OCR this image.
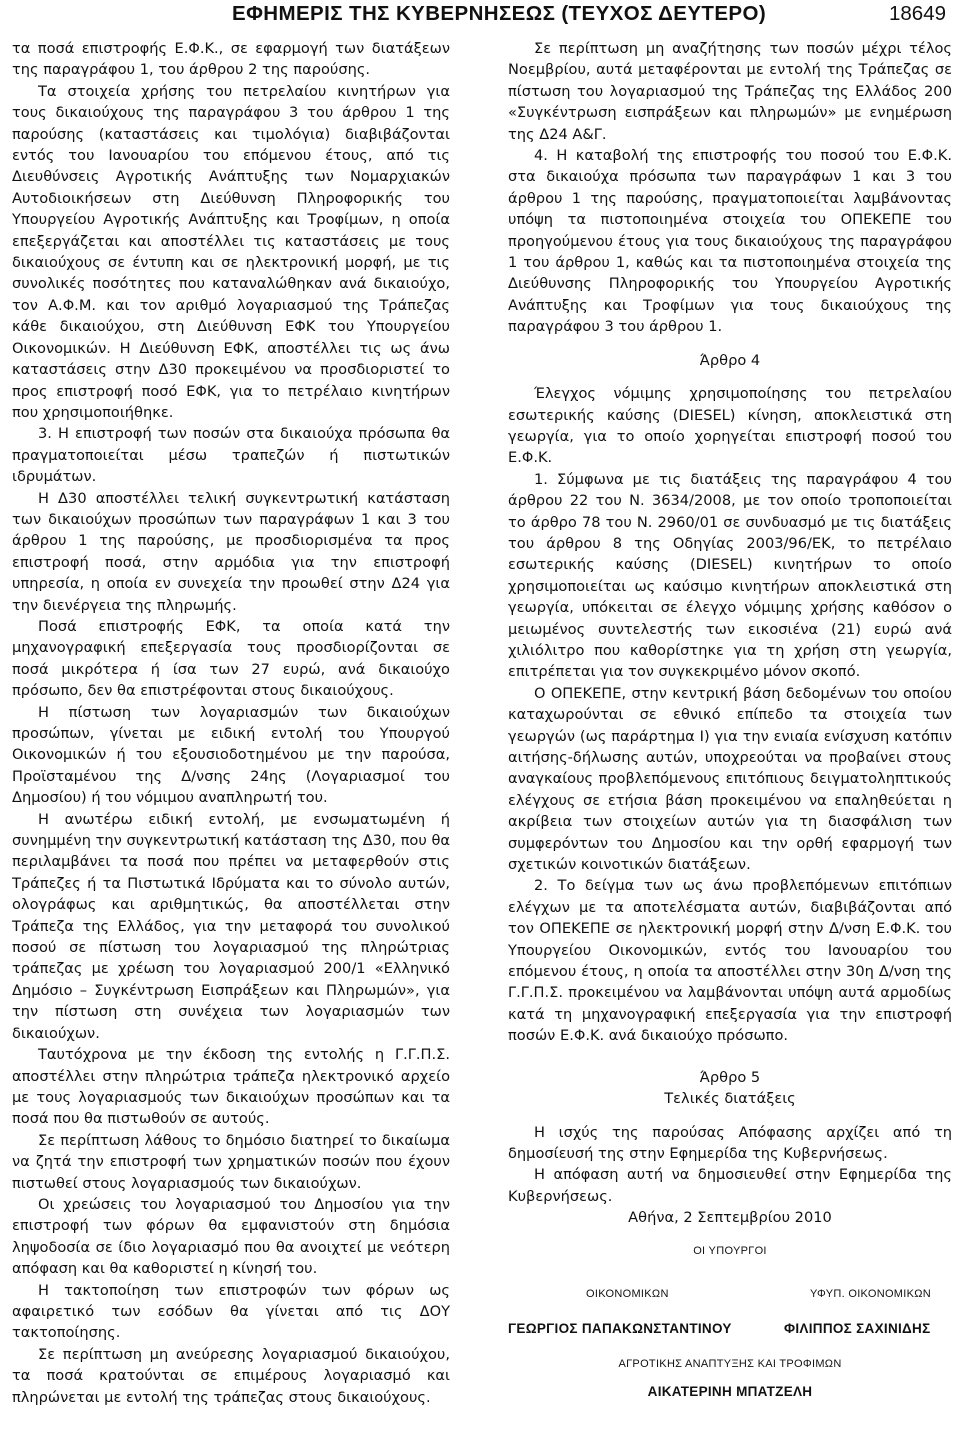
ΕΦΗΜΕΡΙΣ ΤΗΣ ΚΥΒΕΡΝΗΣΕΩΣ (ΤΕΥΧΟΣ ΔΕΥΤΕΡΟ)	18649

τα ποσά επιστροφής Ε.Φ.Κ., σε εφαρμογή των διατάξεων της παραγράφου 1, του άρθρου 2 της παρούσης.

Τα στοιχεία χρήσης του πετρελαίου κινητήρων για τους δικαιούχους της παραγράφου 3 του άρθρου 1 της παρούσης (καταστάσεις και τιμολόγια) διαβιβάζονται εντός του Ιανουαρίου του επόμενου έτους, από τις Διευθύνσεις Αγροτικής Ανάπτυξης των Νομαρχιακών Αυτοδιοικήσεων στη Διεύθυνση Πληροφορικής του Υπουργείου Αγροτικής Ανάπτυξης και Τροφίμων, η οποία επεξεργάζεται και αποστέλλει τις καταστάσεις με τους δικαιούχους σε έντυπη και σε ηλεκτρονική μορφή, με τις συνολικές ποσότητες που καταναλώθηκαν ανά δικαιούχο, τον Α.Φ.Μ. και τον αριθμό λογαριασμού της Τράπεζας κάθε δικαιούχου, στη Διεύθυνση ΕΦΚ του Υπουργείου Οικονομικών. Η Διεύθυνση ΕΦΚ, αποστέλλει τις ως άνω καταστάσεις στην Δ30 προκειμένου να προσδιοριστεί το προς επιστροφή ποσό ΕΦΚ, για το πετρέλαιο κινητήρων που χρησιμοποιήθηκε.

3. Η επιστροφή των ποσών στα δικαιούχα πρόσωπα θα πραγματοποιείται μέσω τραπεζών ή πιστωτικών ιδρυμάτων.

Η Δ30 αποστέλλει τελική συγκεντρωτική κατάσταση των δικαιούχων προσώπων των παραγράφων 1 και 3 του άρθρου 1 της παρούσης, με προσδιορισμένα τα προς επιστροφή ποσά, στην αρμόδια για την επιστροφή υπηρεσία, η οποία εν συνεχεία την προωθεί στην Δ24 για την διενέργεια της πληρωμής.

Ποσά επιστροφής ΕΦΚ, τα οποία κατά την μηχανογραφική επεξεργασία τους προσδιορίζονται σε ποσά μικρότερα ή ίσα των 27 ευρώ, ανά δικαιούχο πρόσωπο, δεν θα επιστρέφονται στους δικαιούχους.

Η πίστωση των λογαριασμών των δικαιούχων προσώπων, γίνεται με ειδική εντολή του Υπουργού Οικονομικών ή του εξουσιοδοτημένου με την παρούσα, Προϊσταμένου της Δ/νσης 24ης (Λογαριασμοί του Δημοσίου) ή του νόμιμου αναπληρωτή του.

Η ανωτέρω ειδική εντολή, με ενσωματωμένη ή συνημμένη την συγκεντρωτική κατάσταση της Δ30, που θα περιλαμβάνει τα ποσά που πρέπει να μεταφερθούν στις Τράπεζες ή τα Πιστωτικά Ιδρύματα και το σύνολο αυτών, ολογράφως και αριθμητικώς, θα αποστέλλεται στην Τράπεζα της Ελλάδος, για την μεταφορά του συνολικού ποσού σε πίστωση του λογαριασμού της πληρώτριας τράπεζας με χρέωση του λογαριασμού 200/1 «Ελληνικό Δημόσιο – Συγκέντρωση Εισπράξεων και Πληρωμών», για την πίστωση στη συνέχεια των λογαριασμών των δικαιούχων.

Ταυτόχρονα με την έκδοση της εντολής η Γ.Γ.Π.Σ. αποστέλλει στην πληρώτρια τράπεζα ηλεκτρονικό αρχείο με τους λογαριασμούς των δικαιούχων προσώπων και τα ποσά που θα πιστωθούν σε αυτούς.

Σε περίπτωση λάθους το δημόσιο διατηρεί το δικαίωμα να ζητά την επιστροφή των χρηματικών ποσών που έχουν πιστωθεί στους λογαριασμούς των δικαιούχων.

Οι χρεώσεις του λογαριασμού του Δημοσίου για την επιστροφή των φόρων θα εμφανιστούν στη δημόσια ληψοδοσία σε ίδιο λογαριασμό που θα ανοιχτεί με νεότερη απόφαση και θα καθοριστεί η κίνησή του.

Η τακτοποίηση των επιστροφών των φόρων ως αφαιρετικό των εσόδων θα γίνεται από τις ΔΟΥ τακτοποίησης.

Σε περίπτωση μη ανεύρεσης λογαριασμού δικαιούχου, τα ποσά κρατούνται σε επιμέρους λογαριασμό και πληρώνεται με εντολή της τράπεζας στους δικαιούχους.

Σε περίπτωση μη αναζήτησης των ποσών μέχρι τέλος Νοεμβρίου, αυτά μεταφέρονται με εντολή της Τράπεζας σε πίστωση του λογαριασμού της Τράπεζας της Ελλάδος 200 «Συγκέντρωση εισπράξεων και πληρωμών» με ενημέρωση της Δ24 Α&Γ.

4. Η καταβολή της επιστροφής του ποσού του Ε.Φ.Κ. στα δικαιούχα πρόσωπα των παραγράφων 1 και 3 του άρθρου 1 της παρούσης, πραγματοποιείται λαμβάνοντας υπόψη τα πιστοποιημένα στοιχεία του ΟΠΕΚΕΠΕ του προηγούμενου έτους για τους δικαιούχους της παραγράφου 1 του άρθρου 1, καθώς και τα πιστοποιημένα στοιχεία της Διεύθυνσης Πληροφορικής του Υπουργείου Αγροτικής Ανάπτυξης και Τροφίμων για τους δικαιούχους της παραγράφου 3 του άρθρου 1.

Άρθρο 4

Έλεγχος νόμιμης χρησιμοποίησης του πετρελαίου εσωτερικής καύσης (DIESEL) κίνηση, αποκλειστικά στη γεωργία, για το οποίο χορηγείται επιστροφή ποσού του Ε.Φ.Κ.

1. Σύμφωνα με τις διατάξεις της παραγράφου 4 του άρθρου 22 του Ν. 3634/2008, με τον οποίο τροποποιείται το άρθρο 78 του Ν. 2960/01 σε συνδυασμό με τις διατάξεις του άρθρου 8 της Οδηγίας 2003/96/ΕΚ, το πετρέλαιο εσωτερικής καύσης (DIESEL) κινητήρων το οποίο χρησιμοποιείται ως καύσιμο κινητήρων αποκλειστικά στη γεωργία, υπόκειται σε έλεγχο νόμιμης χρήσης καθόσον ο μειωμένος συντελεστής των εικοσιένα (21) ευρώ ανά χιλιόλιτρο που καθορίστηκε για τη χρήση στη γεωργία, επιτρέπεται για τον συγκεκριμένο μόνον σκοπό.

Ο ΟΠΕΚΕΠΕ, στην κεντρική βάση δεδομένων του οποίου καταχωρούνται σε εθνικό επίπεδο τα στοιχεία των γεωργών (ως παράρτημα Ι) για την ενιαία ενίσχυση κατόπιν αιτήσης-δήλωσης αυτών, υποχρεούται να προβαίνει στους αναγκαίους προβλεπόμενους επιτόπιους δειγματοληπτικούς ελέγχους σε ετήσια βάση προκειμένου να επαληθεύεται η ακρίβεια των στοιχείων αυτών για τη διασφάλιση των συμφερόντων του Δημοσίου και την ορθή εφαρμογή των σχετικών κοινοτικών διατάξεων.

2. Το δείγμα των ως άνω προβλεπόμενων επιτόπιων ελέγχων με τα αποτελέσματα αυτών, διαβιβάζονται από τον ΟΠΕΚΕΠΕ σε ηλεκτρονική μορφή στην Δ/νση Ε.Φ.Κ. του Υπουργείου Οικονομικών, εντός του Ιανουαρίου του επόμενου έτους, η οποία τα αποστέλλει στην 30η Δ/νση της Γ.Γ.Π.Σ. προκειμένου να λαμβάνονται υπόψη αυτά αρμοδίως κατά τη μηχανογραφική επεξεργασία για την επιστροφή ποσών Ε.Φ.Κ. ανά δικαιούχο πρόσωπο.

Άρθρο 5
Τελικές διατάξεις

Η ισχύς της παρούσας Απόφασης αρχίζει από τη δημοσίευσή της στην Εφημερίδα της Κυβερνήσεως.

Η απόφαση αυτή να δημοσιευθεί στην Εφημερίδα της Κυβερνήσεως.

Αθήνα, 2 Σεπτεμβρίου 2010
ΟΙ ΥΠΟΥΡΓΟΙ
ΟΙΚΟΝΟΜΙΚΩΝ	ΥΦΥΠ. ΟΙΚΟΝΟΜΙΚΩΝ
ΓΕΩΡΓΙΟΣ ΠΑΠΑΚΩΝΣΤΑΝΤΙΝΟΥ	ΦΙΛΙΠΠΟΣ ΣΑΧΙΝΙΔΗΣ
ΑΓΡΟΤΙΚΗΣ ΑΝΑΠΤΥΞΗΣ ΚΑΙ ΤΡΟΦΙΜΩΝ
ΑΙΚΑΤΕΡΙΝΗ ΜΠΑΤΖΕΛΗ
